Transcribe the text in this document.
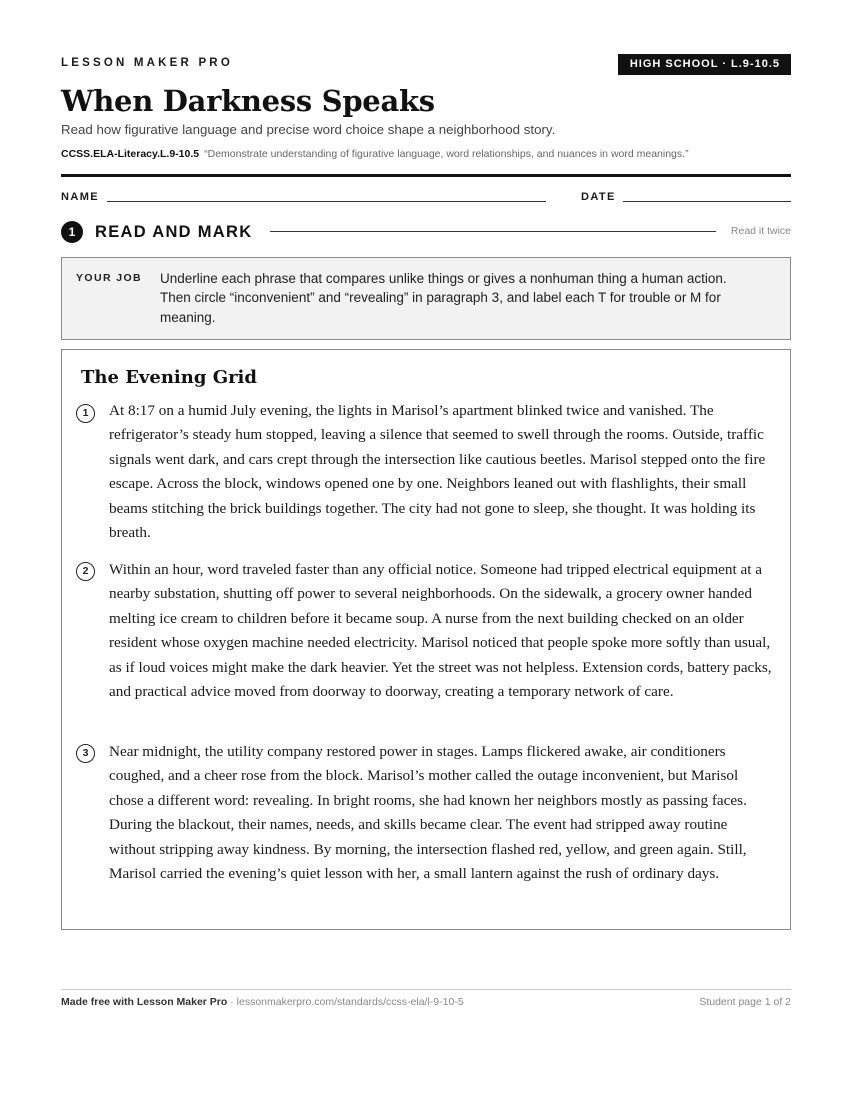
LESSON MAKER PRO	HIGH SCHOOL · L.9-10.5
When Darkness Speaks
Read how figurative language and precise word choice shape a neighborhood story.
CCSS.ELA-Literacy.L.9-10.5 “Demonstrate understanding of figurative language, word relationships, and nuances in word meanings.”
NAME	DATE
1	READ AND MARK	Read it twice
YOUR JOB Underline each phrase that compares unlike things or gives a nonhuman thing a human action. Then circle “inconvenient” and “revealing” in paragraph 3, and label each T for trouble or M for meaning.
The Evening Grid
1	At 8:17 on a humid July evening, the lights in Marisol’s apartment blinked twice and vanished. The refrigerator’s steady hum stopped, leaving a silence that seemed to swell through the rooms. Outside, traffic signals went dark, and cars crept through the intersection like cautious beetles. Marisol stepped onto the fire escape. Across the block, windows opened one by one. Neighbors leaned out with flashlights, their small beams stitching the brick buildings together. The city had not gone to sleep, she thought. It was holding its breath.
2	Within an hour, word traveled faster than any official notice. Someone had tripped electrical equipment at a nearby substation, shutting off power to several neighborhoods. On the sidewalk, a grocery owner handed melting ice cream to children before it became soup. A nurse from the next building checked on an older resident whose oxygen machine needed electricity. Marisol noticed that people spoke more softly than usual, as if loud voices might make the dark heavier. Yet the street was not helpless. Extension cords, battery packs, and practical advice moved from doorway to doorway, creating a temporary network of care.
3	Near midnight, the utility company restored power in stages. Lamps flickered awake, air conditioners coughed, and a cheer rose from the block. Marisol’s mother called the outage inconvenient, but Marisol chose a different word: revealing. In bright rooms, she had known her neighbors mostly as passing faces. During the blackout, their names, needs, and skills became clear. The event had stripped away routine without stripping away kindness. By morning, the intersection flashed red, yellow, and green again. Still, Marisol carried the evening’s quiet lesson with her, a small lantern against the rush of ordinary days.
Made free with Lesson Maker Pro · lessonmakerpro.com/standards/ccss-ela/l-9-10-5	Student page 1 of 2
